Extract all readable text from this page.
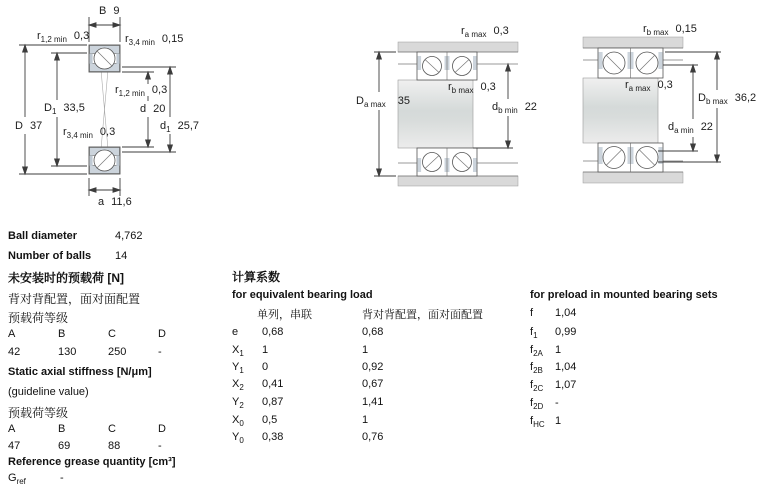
B 9
$r_{1,2 min}$ 0,3	$r_{3,4 min}$ 0,15
$D_1$ 33,5
$r_{1,2 min}$ 0,3
d 20
D 37	$d_1$ 25,7
$r_{3,4 min}$ 0,3
a 11,6
$r_{a max}$ 0,3
$D_{a max}$ 35
$r_{b max}$ 0,3
$d_{b min}$ 22
$r_{b max}$ 0,15
$r_{a max}$ 0,3
$D_{b max}$ 36,2
$d_{a min}$ 22
Ball diameter	4,762
Number of balls 14
未安装时的预载荷 [N]
背对背配置，面对面配置
预载荷等级
A	B	C	D
42	130	250	-
Static axial stiffness [N/μm]
(guideline value)
预载荷等级
A	B	C	D
47	69	88	-
Reference grease quantity [cm³]
$G_{ref}$	-
计算系数
for equivalent bearing load
单列，串联	背对背配置，面对面配置
e 0,68	0,68
$X_1$ 1	1
$Y_1$ 0	0,92
$X_2$ 0,41	0,67
$Y_2$ 0,87	1,41
$X_0$ 0,5	1
$Y_0$ 0,38	0,76
for preload in mounted bearing sets
f 1,04
$f_1$ 0,99
$f_{2A}$ 1
$f_{2B}$ 1,04
$f_{2C}$ 1,07
$f_{2D}$ -
$f_{HC}$ 1
